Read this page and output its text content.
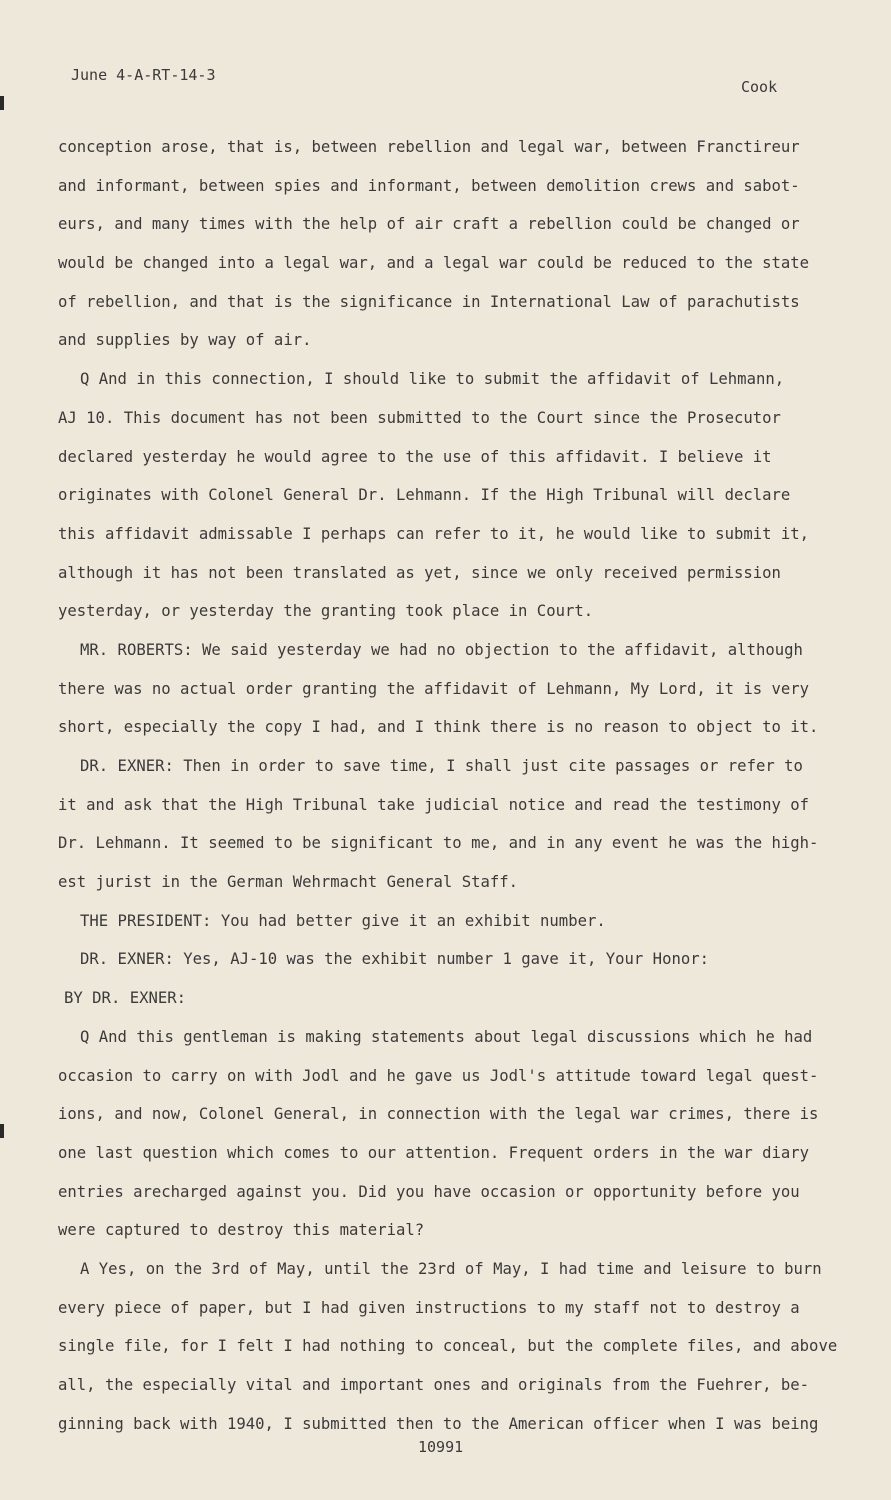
June 4-A-RT-14-3
Cook
conception arose, that is, between rebellion and legal war, between Franctireur
and informant, between spies and informant, between demolition crews and sabot-
eurs, and many times with the help of air craft a rebellion could be changed or
would be changed into a legal war, and a legal war could be reduced to the state
of rebellion, and that is the significance in International Law of parachutists
and supplies by way of air.
Q And in this connection, I should like to submit the affidavit of Lehmann,
AJ 10. This document has not been submitted to the Court since the Prosecutor
declared yesterday he would agree to the use of this affidavit. I believe it
originates with Colonel General Dr. Lehmann. If the High Tribunal will declare
this affidavit admissable I perhaps can refer to it, he would like to submit it,
although it has not been translated as yet, since we only received permission
yesterday, or yesterday the granting took place in Court.
MR. ROBERTS: We said yesterday we had no objection to the affidavit, although
there was no actual order granting the affidavit of Lehmann, My Lord, it is very
short, especially the copy I had, and I think there is no reason to object to it.
DR. EXNER: Then in order to save time, I shall just cite passages or refer to
it and ask that the High Tribunal take judicial notice and read the testimony of
Dr. Lehmann. It seemed to be significant to me, and in any event he was the high-
est jurist in the German Wehrmacht General Staff.
THE PRESIDENT: You had better give it an exhibit number.
DR. EXNER: Yes, AJ-10 was the exhibit number 1 gave it, Your Honor:
BY DR. EXNER:
Q And this gentleman is making statements about legal discussions which he had
occasion to carry on with Jodl and he gave us Jodl's attitude toward legal quest-
ions, and now, Colonel General, in connection with the legal war crimes, there is
one last question which comes to our attention. Frequent orders in the war diary
entries arecharged against you. Did you have occasion or opportunity before you
were captured to destroy this material?
A Yes, on the 3rd of May, until the 23rd of May, I had time and leisure to burn
every piece of paper, but I had given instructions to my staff not to destroy a
single file, for I felt I had nothing to conceal, but the complete files, and above
all, the especially vital and important ones and originals from the Fuehrer, be-
ginning back with 1940, I submitted then to the American officer when I was being
10991
